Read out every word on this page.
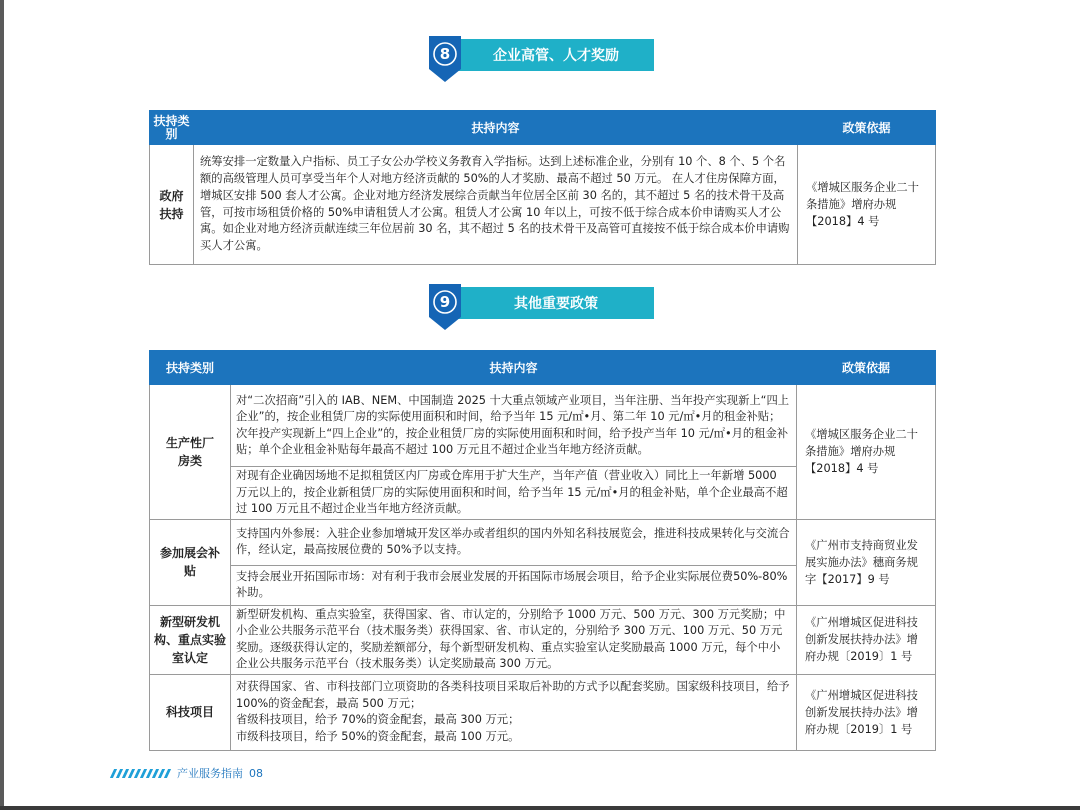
企业高管、人才奖励
8
扶持类别	扶持内容	政策依据
政府扶持	统筹安排一定数量入户指标、员工子女公办学校义务教育入学指标。达到上述标准企业，分别有 10 个、8 个、5 个名额的高级管理人员可享受当年个人对地方经济贡献的 50%的人才奖励、最高不超过 50 万元。 在人才住房保障方面，增城区安排 500 套人才公寓。企业对地方经济发展综合贡献当年位居全区前 30 名的，其不超过 5 名的技术骨干及高管，可按市场租赁价格的 50%申请租赁人才公寓。租赁人才公寓 10 年以上，可按不低于综合成本价申请购买人才公寓。如企业对地方经济贡献连续三年位居前 30 名，其不超过 5 名的技术骨干及高管可直接按不低于综合成本价申请购买人才公寓。	《增城区服务企业二十条措施》增府办规【2018】4 号
其他重要政策
9
扶持类别	扶持内容	政策依据
生产性厂房类	对“二次招商”引入的 IAB、NEM、中国制造 2025 十大重点领域产业项目，当年注册、当年投产实现新上“四上企业”的，按企业租赁厂房的实际使用面积和时间，给予当年 15 元/㎡•月、第二年 10 元/㎡•月的租金补贴；次年投产实现新上“四上企业”的，按企业租赁厂房的实际使用面积和时间，给予投产当年 10 元/㎡•月的租金补贴；单个企业租金补贴每年最高不超过 100 万元且不超过企业当年地方经济贡献。	《增城区服务企业二十条措施》增府办规【2018】4 号
	对现有企业确因场地不足拟租赁区内厂房或仓库用于扩大生产，当年产值（营业收入）同比上一年新增 5000 万元以上的，按企业新租赁厂房的实际使用面积和时间，给予当年 15 元/㎡•月的租金补贴，单个企业最高不超过 100 万元且不超过企业当年地方经济贡献。	
参加展会补贴	支持国内外参展：入驻企业参加增城开发区举办或者组织的国内外知名科技展览会，推进科技成果转化与交流合作，经认定，最高按展位费的 50%予以支持。	《广州市支持商贸业发展实施办法》穗商务规字【2017】9 号
	支持会展业开拓国际市场：对有利于我市会展业发展的开拓国际市场展会项目，给予企业实际展位费50%-80%补助。	
新型研发机构、重点实验室认定	新型研发机构、重点实验室，获得国家、省、市认定的，分别给予 1000 万元、500 万元、300 万元奖励；中小企业公共服务示范平台（技术服务类）获得国家、省、市认定的，分别给予 300 万元、100 万元、50 万元奖励。逐级获得认定的，奖励差额部分，每个新型研发机构、重点实验室认定奖励最高 1000 万元，每个中小企业公共服务示范平台（技术服务类）认定奖励最高 300 万元。	《广州增城区促进科技创新发展扶持办法》增府办规〔2019〕1 号
科技项目	对获得国家、省、市科技部门立项资助的各类科技项目采取后补助的方式予以配套奖励。国家级科技项目，给予 100%的资金配套，最高 500 万元；
省级科技项目，给予 70%的资金配套，最高 300 万元；
市级科技项目，给予 50%的资金配套，最高 100 万元。	《广州增城区促进科技创新发展扶持办法》增府办规〔2019〕1 号
产业服务指南 08
